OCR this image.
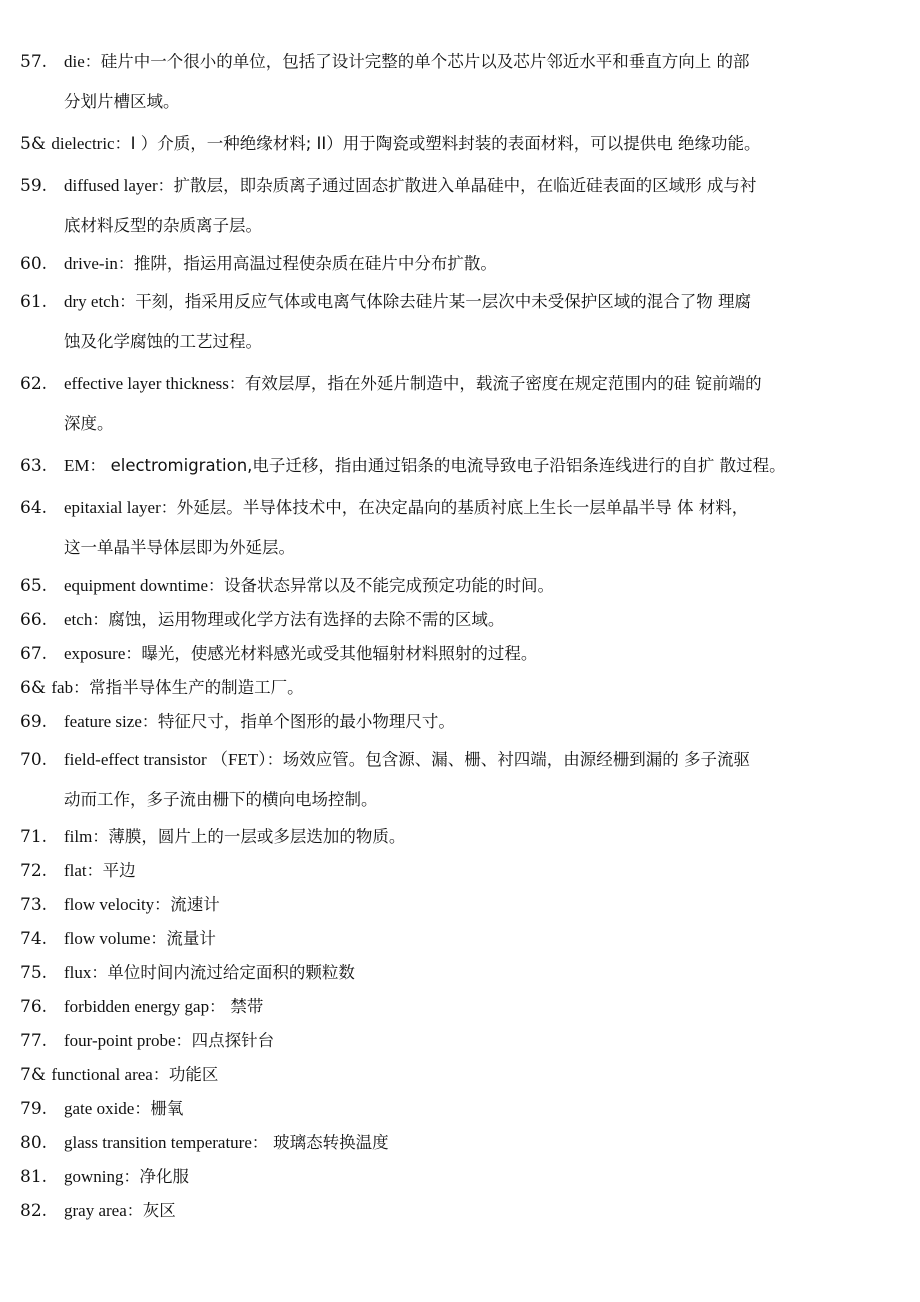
57. die：硅片中一个很小的单位，包括了设计完整的单个芯片以及芯片邻近水平和垂直方向上 的部
分划片槽区域。
5& dielectric：I ）介质，一种绝缘材料; II）用于陶瓷或塑料封装的表面材料，可以提供电 绝缘功能。
59. diffused layer：扩散层，即杂质离子通过固态扩散进入单晶硅中，在临近硅表面的区域形 成与衬
底材料反型的杂质离子层。
60. drive-in：推阱，指运用高温过程使杂质在硅片中分布扩散。
61. dry etch：干刻，指采用反应气体或电离气体除去硅片某一层次中未受保护区域的混合了物 理腐
蚀及化学腐蚀的工艺过程。
62. effective layer thickness：有效层厚，指在外延片制造中，载流子密度在规定范围内的硅 锭前端的
深度。
63. EM： electromigration,电子迁移，指由通过铝条的电流导致电子沿铝条连线进行的自扩 散过程。
64. epitaxial layer：外延层。半导体技术中，在决定晶向的基质衬底上生长一层单晶半导 体 材料，
这一单晶半导体层即为外延层。
65. equipment downtime：设备状态异常以及不能完成预定功能的时间。
66. etch：腐蚀，运用物理或化学方法有选择的去除不需的区域。
67. exposure：曝光，使感光材料感光或受其他辐射材料照射的过程。
6& fab：常指半导体生产的制造工厂。
69. feature size：特征尺寸，指单个图形的最小物理尺寸。
70. field-effect transistor （FET）：场效应管。包含源、漏、栅、衬四端，由源经栅到漏的 多子流驱
动而工作，多子流由栅下的横向电场控制。
71. film：薄膜，圆片上的一层或多层迭加的物质。
72. flat：平边
73. flow velocity：流速计
74. flow volume：流量计
75. flux：单位时间内流过给定面积的颗粒数
76. forbidden energy gap： 禁带
77. four-point probe：四点探针台
7& functional area：功能区
79. gate oxide：栅氧
80. glass transition temperature： 玻璃态转换温度
81. gowning：净化服
82. gray area：灰区
